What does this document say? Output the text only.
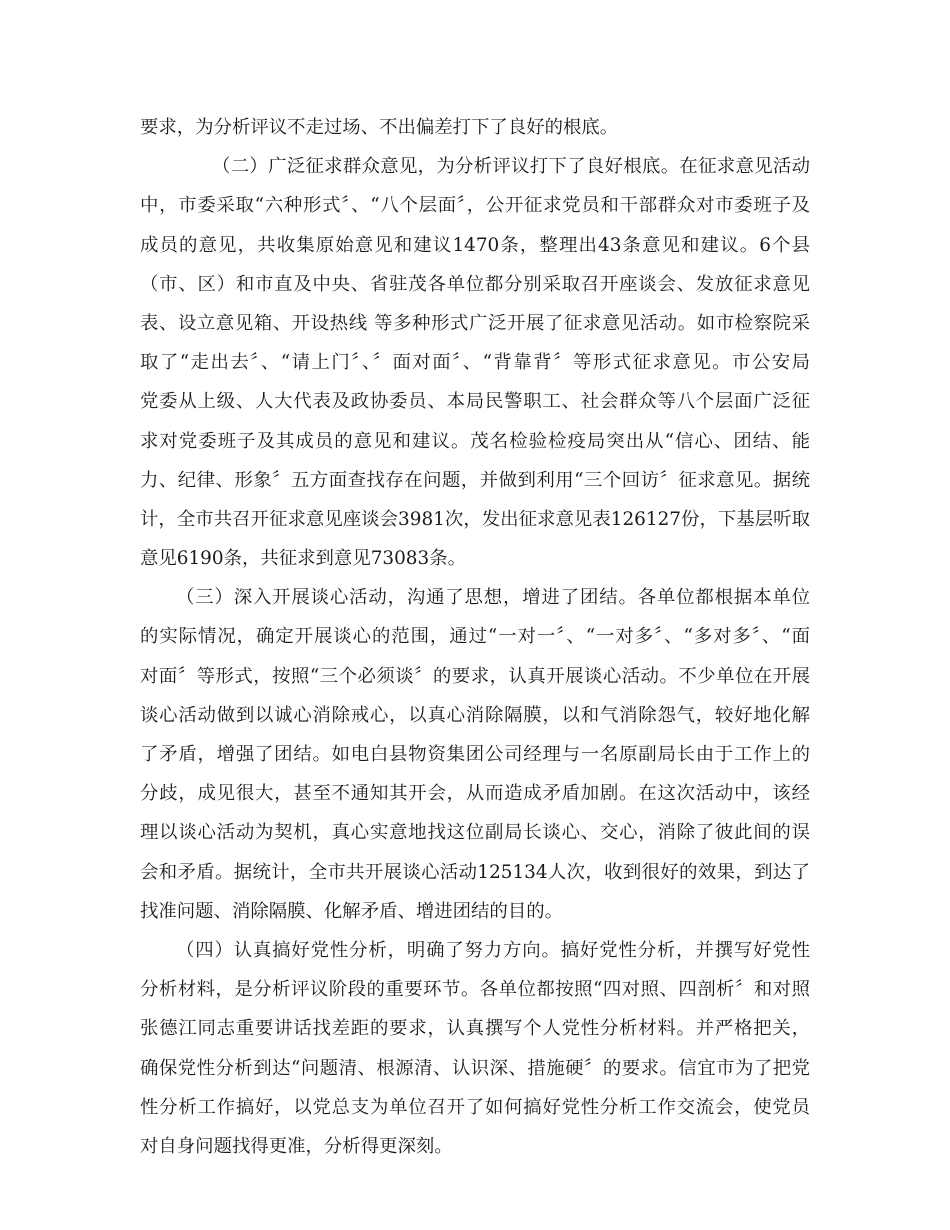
要求，为分析评议不走过场、不出偏差打下了良好的根底。
（二）广泛征求群众意见，为分析评议打下了良好根底。在征求意见活动
中，市委采取“六种形式〞、“八个层面〞，公开征求党员和干部群众对市委班子及
成员的意见，共收集原始意见和建议1470条，整理出43条意见和建议。6个县
（市、区）和市直及中央、省驻茂各单位都分别采取召开座谈会、发放征求意见
表、设立意见箱、开设热线 等多种形式广泛开展了征求意见活动。如市检察院采
取了“走出去〞、“请上门〞、〞面对面〞、“背靠背〞等形式征求意见。市公安局
党委从上级、人大代表及政协委员、本局民警职工、社会群众等八个层面广泛征
求对党委班子及其成员的意见和建议。茂名检验检疫局突出从“信心、团结、能
力、纪律、形象〞五方面查找存在问题，并做到利用“三个回访〞征求意见。据统
计，全市共召开征求意见座谈会3981次，发出征求意见表126127份，下基层听取
意见6190条，共征求到意见73083条。
（三）深入开展谈心活动，沟通了思想，增进了团结。各单位都根据本单位
的实际情况，确定开展谈心的范围，通过“一对一〞、“一对多〞、“多对多〞、“面
对面〞等形式，按照“三个必须谈〞的要求，认真开展谈心活动。不少单位在开展
谈心活动做到以诚心消除戒心，以真心消除隔膜，以和气消除怨气，较好地化解
了矛盾，增强了团结。如电白县物资集团公司经理与一名原副局长由于工作上的
分歧，成见很大，甚至不通知其开会，从而造成矛盾加剧。在这次活动中，该经
理以谈心活动为契机，真心实意地找这位副局长谈心、交心，消除了彼此间的误
会和矛盾。据统计，全市共开展谈心活动125134人次，收到很好的效果，到达了
找准问题、消除隔膜、化解矛盾、增进团结的目的。
（四）认真搞好党性分析，明确了努力方向。搞好党性分析，并撰写好党性
分析材料，是分析评议阶段的重要环节。各单位都按照“四对照、四剖析〞和对照
张德江同志重要讲话找差距的要求，认真撰写个人党性分析材料。并严格把关，
确保党性分析到达“问题清、根源清、认识深、措施硬〞的要求。信宜市为了把党
性分析工作搞好，以党总支为单位召开了如何搞好党性分析工作交流会，使党员
对自身问题找得更准，分析得更深刻。
